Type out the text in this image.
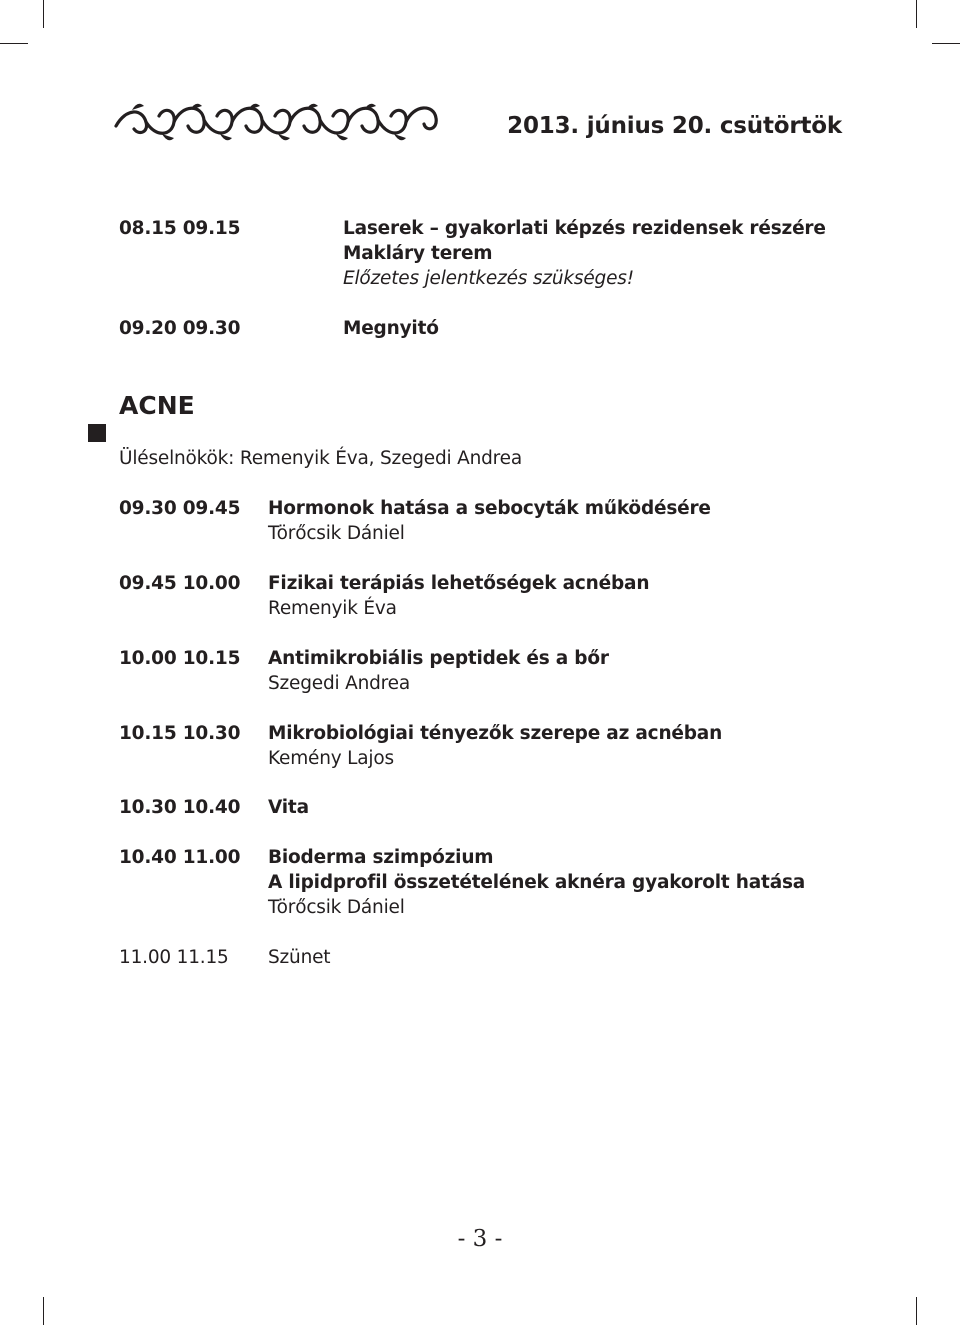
2013. június 20. csütörtök
08.15 09.15	Laserek – gyakorlati képzés rezidensek részére
Makláry terem
Előzetes jelentkezés szükséges!
09.20 09.30	Megnyitó
ACNE
Üléselnökök: Remenyik Éva, Szegedi Andrea
09.30 09.45 Hormonok hatása a sebocyták működésére
Törőcsik Dániel
09.45 10.00 Fizikai terápiás lehetőségek acnéban
Remenyik Éva
10.00 10.15 Antimikrobiális peptidek és a bőr
Szegedi Andrea
10.15 10.30 Mikrobiológiai tényezők szerepe az acnéban
Kemény Lajos
10.30 10.40 Vita
10.40 11.00 Bioderma szimpózium
A lipidprofil összetételének aknéra gyakorolt hatása
Törőcsik Dániel
11.00 11.15 Szünet
- 3 -
